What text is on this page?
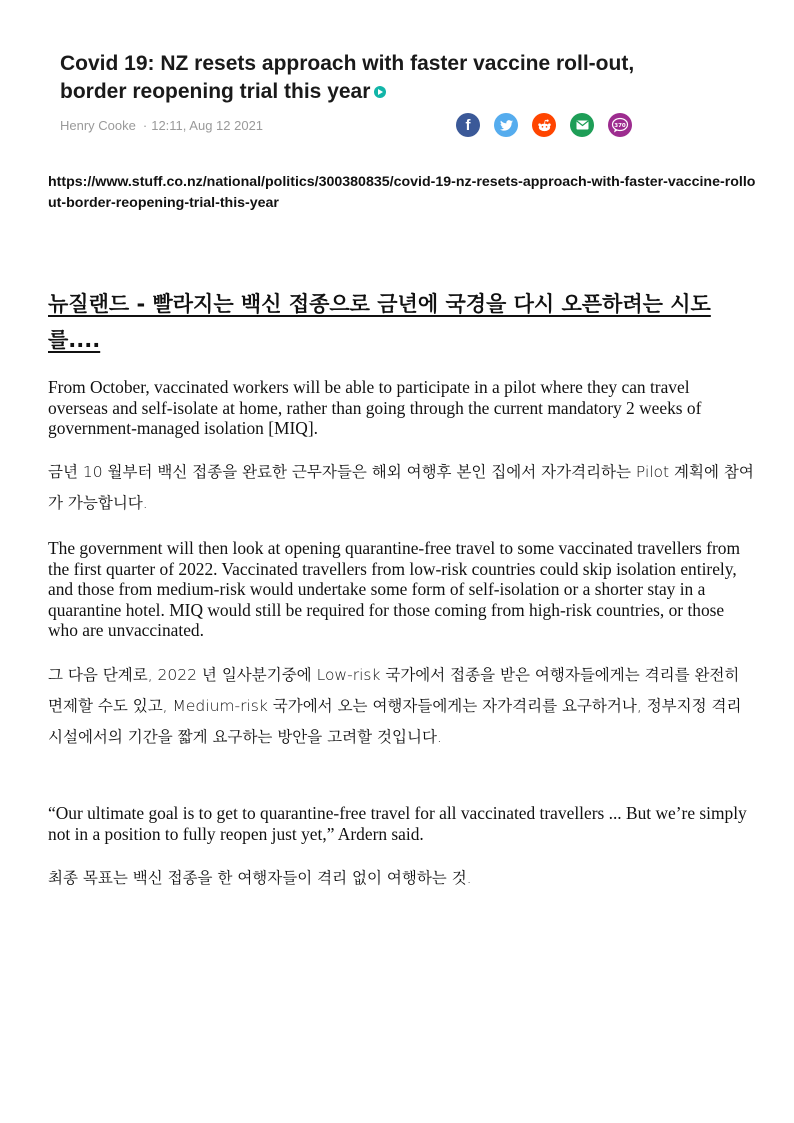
Covid 19: NZ resets approach with faster vaccine roll-out, border reopening trial this year
Henry Cooke · 12:11, Aug 12 2021	f	370

https://www.stuff.co.nz/national/politics/300380835/covid-19-nz-resets-approach-with-faster-vaccine-rollout-border-reopening-trial-this-year

뉴질랜드 - 빨라지는 백신 접종으로 금년에 국경을 다시 오픈하려는 시도를....

From October, vaccinated workers will be able to participate in a pilot where they can travel overseas and self-isolate at home, rather than going through the current mandatory 2 weeks of government-managed isolation [MIQ].

금년 10 월부터 백신 접종을 완료한 근무자들은 해외 여행후 본인 집에서 자가격리하는 Pilot 계획에 참여가 가능합니다.

The government will then look at opening quarantine-free travel to some vaccinated travellers from the first quarter of 2022. Vaccinated travellers from low-risk countries could skip isolation entirely, and those from medium-risk would undertake some form of self-isolation or a shorter stay in a quarantine hotel. MIQ would still be required for those coming from high-risk countries, or those who are unvaccinated.

그 다음 단계로, 2022 년 일사분기중에 Low-risk 국가에서 접종을 받은 여행자들에게는 격리를 완전히 면제할 수도 있고, Medium-risk 국가에서 오는 여행자들에게는 자가격리를 요구하거나, 정부지정 격리 시설에서의 기간을 짧게 요구하는 방안을 고려할 것입니다.

“Our ultimate goal is to get to quarantine-free travel for all vaccinated travellers ... But we’re simply not in a position to fully reopen just yet,” Ardern said.

최종 목표는 백신 접종을 한 여행자들이 격리 없이 여행하는 것.
